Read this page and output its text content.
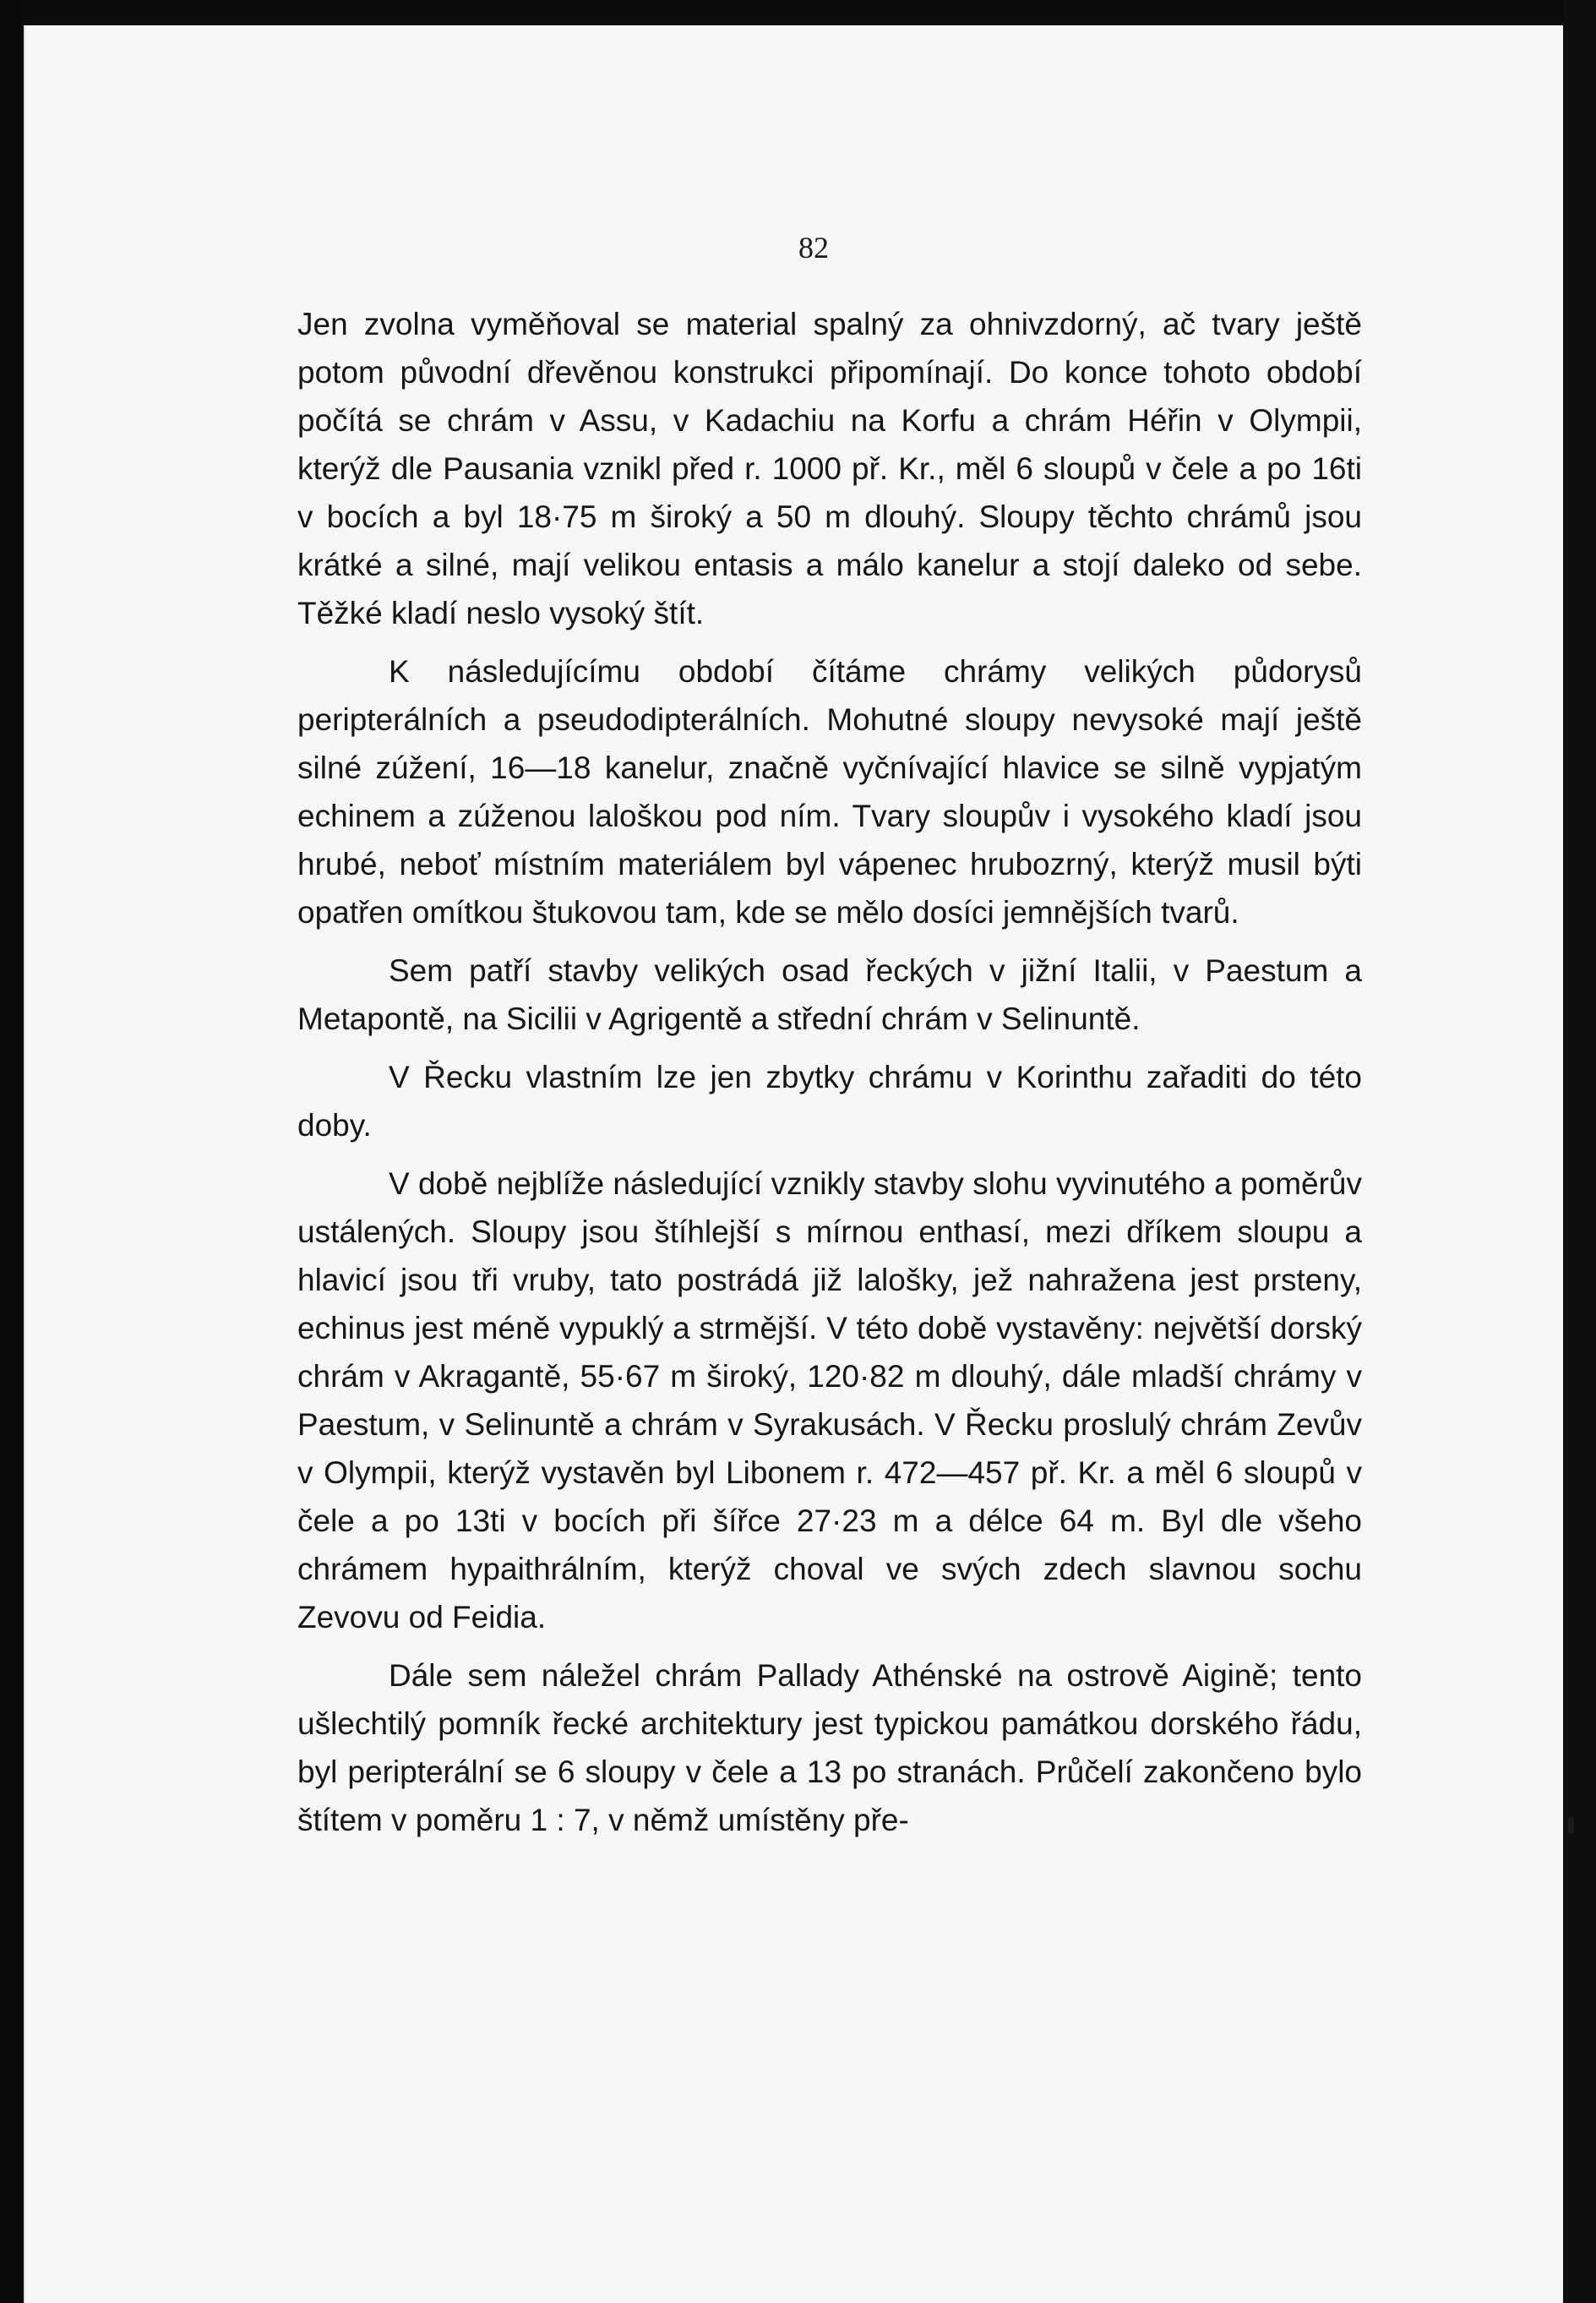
82

Jen zvolna vyměňoval se material spalný za ohnivzdorný, ač tvary ještě potom původní dřevěnou konstrukci připomínají. Do konce tohoto období počítá se chrám v Assu, v Kadachiu na Korfu a chrám Héřin v Olympii, kterýž dle Pausania vznikl před r. 1000 př. Kr., měl 6 sloupů v čele a po 16ti v bocích a byl 18·75 m široký a 50 m dlouhý. Sloupy těchto chrámů jsou krátké a silné, mají velikou entasis a málo kanelur a stojí daleko od sebe. Těžké kladí neslo vysoký štít.

K následujícímu období čítáme chrámy velikých půdorysů peripterálních a pseudodipterálních. Mohutné sloupy nevysoké mají ještě silné zúžení, 16—18 kanelur, značně vyčnívající hlavice se silně vypjatým echinem a zúženou laloškou pod ním. Tvary sloupův i vysokého kladí jsou hrubé, neboť místním materiálem byl vápenec hrubozrný, kterýž musil býti opatřen omítkou štukovou tam, kde se mělo dosíci jemnějších tvarů.

Sem patří stavby velikých osad řeckých v jižní Italii, v Paestum a Metapontě, na Sicilii v Agrigentě a střední chrám v Selinuntě.

V Řecku vlastním lze jen zbytky chrámu v Korinthu zařaditi do této doby.

V době nejblíže následující vznikly stavby slohu vyvinutého a poměrův ustálených. Sloupy jsou štíhlejší s mírnou enthasí, mezi dříkem sloupu a hlavicí jsou tři vruby, tato postrádá již lalošky, jež nahražena jest prsteny, echinus jest méně vypuklý a strmější. V této době vystavěny: největší dorský chrám v Akragantě, 55·67 m široký, 120·82 m dlouhý, dále mladší chrámy v Paestum, v Selinuntě a chrám v Syrakusách. V Řecku proslulý chrám Zevův v Olympii, kterýž vystavěn byl Libonem r. 472—457 př. Kr. a měl 6 sloupů v čele a po 13ti v bocích při šířce 27·23 m a délce 64 m. Byl dle všeho chrámem hypaithrálním, kterýž choval ve svých zdech slavnou sochu Zevovu od Feidia.

Dále sem náležel chrám Pallady Athénské na ostrově Aigině; tento ušlechtilý pomník řecké architektury jest typickou památkou dorského řádu, byl peripterální se 6 sloupy v čele a 13 po stranách. Průčelí zakončeno bylo štítem v poměru 1 : 7, v němž umístěny pře-
